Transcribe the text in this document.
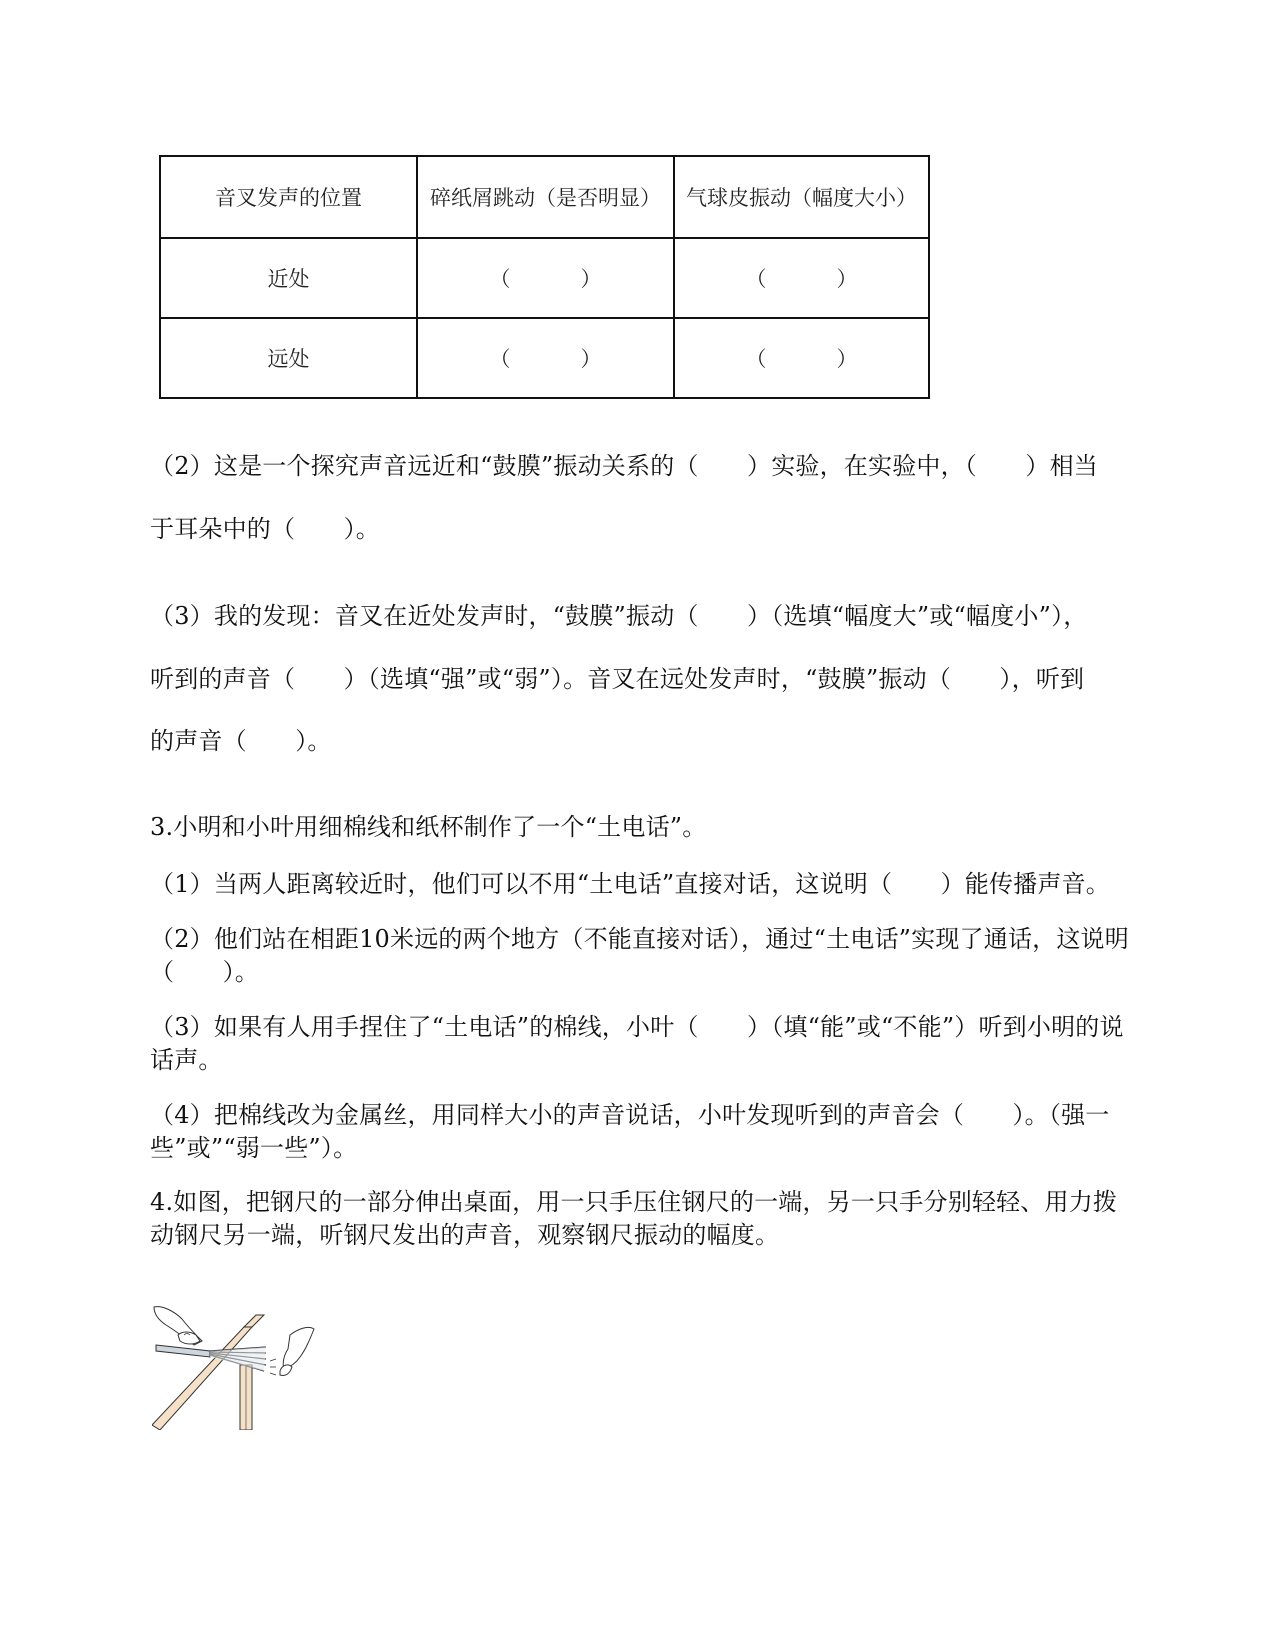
音叉发声的位置	碎纸屑跳动（是否明显）	气球皮振动（幅度大小）
近处	（ ）	（ ）

远处	（ ）	（ ）
（2）这是一个探究声音远近和“鼓膜”振动关系的（　　）实验，在实验中，（　　）相当
于耳朵中的（　　）。
（3）我的发现：音叉在近处发声时，“鼓膜”振动（　　）（选填“幅度大”或“幅度小”），
听到的声音（　　）（选填“强”或“弱”）。音叉在远处发声时，“鼓膜”振动（　　），听到
的声音（　　）。
3.小明和小叶用细棉线和纸杯制作了一个“土电话”。
（1）当两人距离较近时，他们可以不用“土电话”直接对话，这说明（　　）能传播声音。
（2）他们站在相距10米远的两个地方（不能直接对话），通过“土电话”实现了通话，这说明（　　）。
（3）如果有人用手捏住了“土电话”的棉线，小叶（　　）（填“能”或“不能”）听到小明的说话声。
（4）把棉线改为金属丝，用同样大小的声音说话，小叶发现听到的声音会（　　）。（强一些”或”“弱一些”）。
4.如图，把钢尺的一部分伸出桌面，用一只手压住钢尺的一端，另一只手分别轻轻、用力拨动钢尺另一端，听钢尺发出的声音，观察钢尺振动的幅度。
